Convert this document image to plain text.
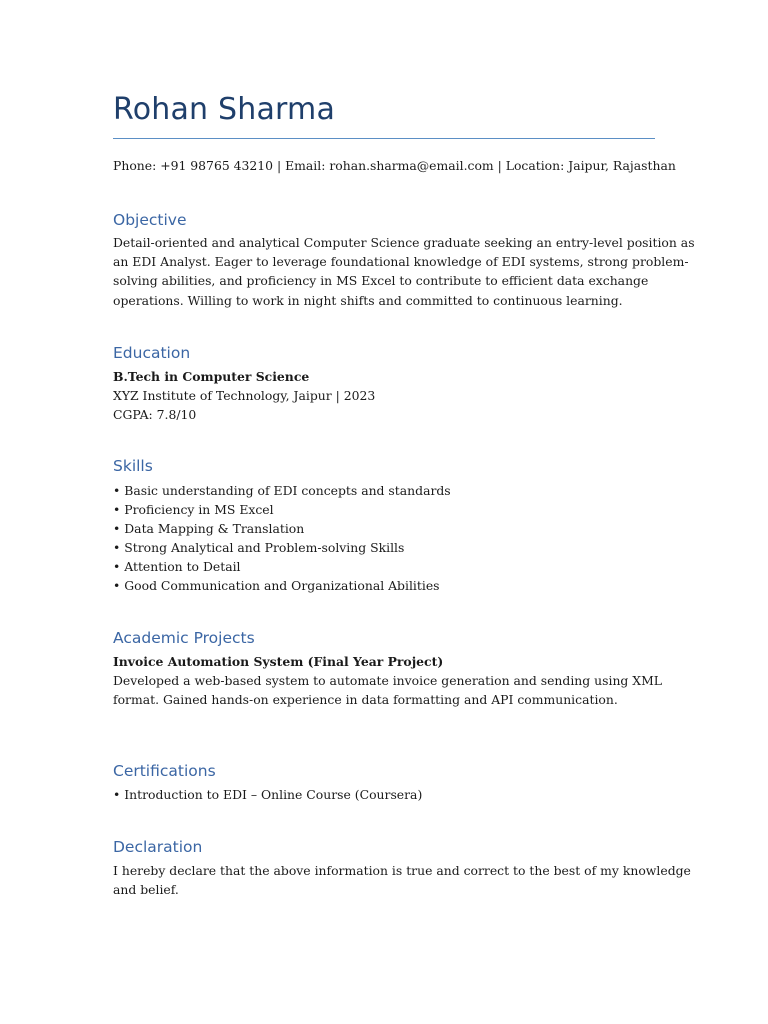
Rohan Sharma
Phone: +91 98765 43210 | Email: rohan.sharma@email.com | Location: Jaipur, Rajasthan
Objective
Detail-oriented and analytical Computer Science graduate seeking an entry-level position as
an EDI Analyst. Eager to leverage foundational knowledge of EDI systems, strong problem-
solving abilities, and proficiency in MS Excel to contribute to efficient data exchange
operations. Willing to work in night shifts and committed to continuous learning.
Education
B.Tech in Computer Science
XYZ Institute of Technology, Jaipur | 2023
CGPA: 7.8/10
Skills
• Basic understanding of EDI concepts and standards
• Proficiency in MS Excel
• Data Mapping & Translation
• Strong Analytical and Problem-solving Skills
• Attention to Detail
• Good Communication and Organizational Abilities
Academic Projects
Invoice Automation System (Final Year Project)
Developed a web-based system to automate invoice generation and sending using XML
format. Gained hands-on experience in data formatting and API communication.
Certifications
• Introduction to EDI – Online Course (Coursera)
Declaration
I hereby declare that the above information is true and correct to the best of my knowledge
and belief.
